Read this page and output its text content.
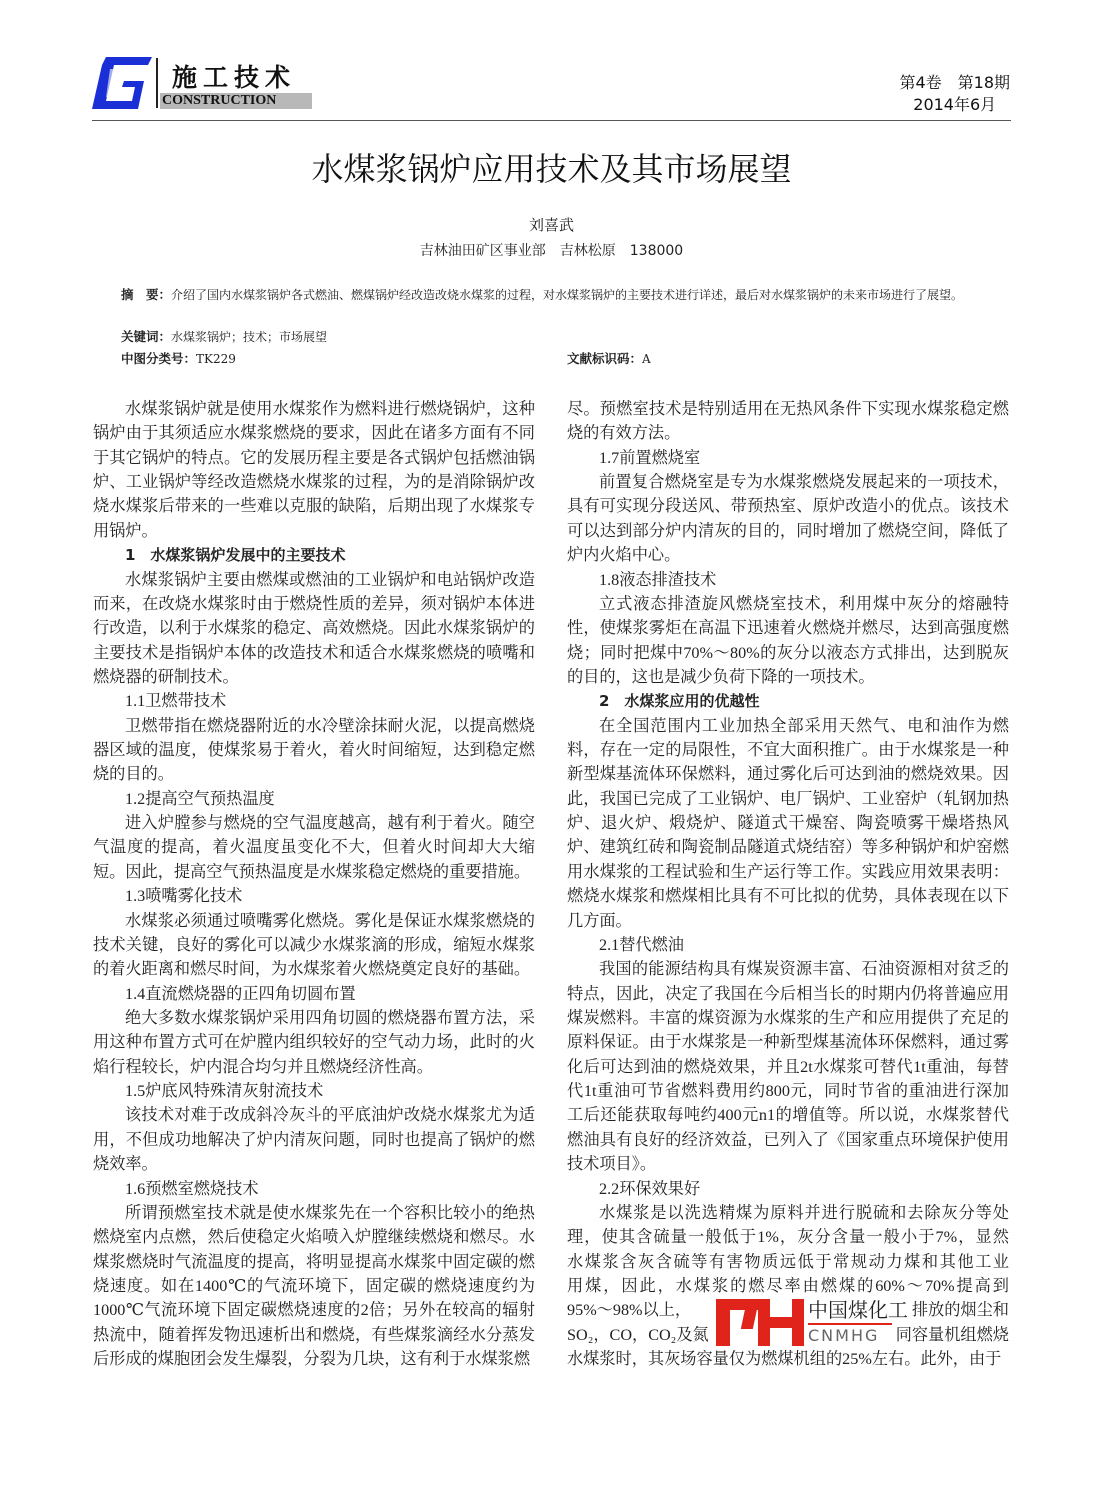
施工技术
CONSTRUCTION
第4卷　第18期
2014年6月
水煤浆锅炉应用技术及其市场展望
刘喜武
吉林油田矿区事业部　吉林松原　138000
摘　要：介绍了国内水煤浆锅炉各式燃油、燃煤锅炉经改造改烧水煤浆的过程，对水煤浆锅炉的主要技术进行详述，最后对水煤浆锅炉的未来市场进行了展望。
关键词：水煤浆锅炉；技术；市场展望
中图分类号：TK229	文献标识码：A
水煤浆锅炉就是使用水煤浆作为燃料进行燃烧锅炉，这种
锅炉由于其须适应水煤浆燃烧的要求，因此在诸多方面有不同
于其它锅炉的特点。它的发展历程主要是各式锅炉包括燃油锅
炉、工业锅炉等经改造燃烧水煤浆的过程，为的是消除锅炉改
烧水煤浆后带来的一些难以克服的缺陷，后期出现了水煤浆专
用锅炉。
1　水煤浆锅炉发展中的主要技术
水煤浆锅炉主要由燃煤或燃油的工业锅炉和电站锅炉改造
而来，在改烧水煤浆时由于燃烧性质的差异，须对锅炉本体进
行改造，以利于水煤浆的稳定、高效燃烧。因此水煤浆锅炉的
主要技术是指锅炉本体的改造技术和适合水煤浆燃烧的喷嘴和
燃烧器的研制技术。
1.1卫燃带技术
卫燃带指在燃烧器附近的水冷壁涂抹耐火泥，以提高燃烧
器区域的温度，使煤浆易于着火，着火时间缩短，达到稳定燃
烧的目的。
1.2提高空气预热温度
进入炉膛参与燃烧的空气温度越高，越有利于着火。随空
气温度的提高，着火温度虽变化不大，但着火时间却大大缩
短。因此，提高空气预热温度是水煤浆稳定燃烧的重要措施。
1.3喷嘴雾化技术
水煤浆必须通过喷嘴雾化燃烧。雾化是保证水煤浆燃烧的
技术关键，良好的雾化可以减少水煤浆滴的形成，缩短水煤浆
的着火距离和燃尽时间，为水煤浆着火燃烧奠定良好的基础。
1.4直流燃烧器的正四角切圆布置
绝大多数水煤浆锅炉采用四角切圆的燃烧器布置方法，采
用这种布置方式可在炉膛内组织较好的空气动力场，此时的火
焰行程较长，炉内混合均匀并且燃烧经济性高。
1.5炉底风特殊清灰射流技术
该技术对难于改成斜冷灰斗的平底油炉改烧水煤浆尤为适
用，不但成功地解决了炉内清灰问题，同时也提高了锅炉的燃
烧效率。
1.6预燃室燃烧技术
所谓预燃室技术就是使水煤浆先在一个容积比较小的绝热
燃烧室内点燃，然后使稳定火焰喷入炉膛继续燃烧和燃尽。水
煤浆燃烧时气流温度的提高，将明显提高水煤浆中固定碳的燃
烧速度。如在1400℃的气流环境下，固定碳的燃烧速度约为
1000℃气流环境下固定碳燃烧速度的2倍；另外在较高的辐射
热流中，随着挥发物迅速析出和燃烧，有些煤浆滴经水分蒸发
后形成的煤胞团会发生爆裂，分裂为几块，这有利于水煤浆燃
尽。预燃室技术是特别适用在无热风条件下实现水煤浆稳定燃
烧的有效方法。
1.7前置燃烧室
前置复合燃烧室是专为水煤浆燃烧发展起来的一项技术，
具有可实现分段送风、带预热室、原炉改造小的优点。该技术
可以达到部分炉内清灰的目的，同时增加了燃烧空间，降低了
炉内火焰中心。
1.8液态排渣技术
立式液态排渣旋风燃烧室技术，利用煤中灰分的熔融特
性，使煤浆雾炬在高温下迅速着火燃烧并燃尽，达到高强度燃
烧；同时把煤中70%～80%的灰分以液态方式排出，达到脱灰
的目的，这也是减少负荷下降的一项技术。
2　水煤浆应用的优越性
在全国范围内工业加热全部采用天然气、电和油作为燃
料，存在一定的局限性，不宜大面积推广。由于水煤浆是一种
新型煤基流体环保燃料，通过雾化后可达到油的燃烧效果。因
此，我国已完成了工业锅炉、电厂锅炉、工业窑炉（轧钢加热
炉、退火炉、煅烧炉、隧道式干燥窑、陶瓷喷雾干燥塔热风
炉、建筑红砖和陶瓷制品隧道式烧结窑）等多种锅炉和炉窑燃
用水煤浆的工程试验和生产运行等工作。实践应用效果表明：
燃烧水煤浆和燃煤相比具有不可比拟的优势，具体表现在以下
几方面。
2.1替代燃油
我国的能源结构具有煤炭资源丰富、石油资源相对贫乏的
特点，因此，决定了我国在今后相当长的时期内仍将普遍应用
煤炭燃料。丰富的煤资源为水煤浆的生产和应用提供了充足的
原料保证。由于水煤浆是一种新型煤基流体环保燃料，通过雾
化后可达到油的燃烧效果，并且2t水煤浆可替代1t重油，每替
代1t重油可节省燃料费用约800元，同时节省的重油进行深加
工后还能获取每吨约400元n1的增值等。所以说，水煤浆替代
燃油具有良好的经济效益，已列入了《国家重点环境保护使用
技术项目》。
2.2环保效果好
水煤浆是以洗选精煤为原料并进行脱硫和去除灰分等处
理，使其含硫量一般低于1%，灰分含量一般小于7%，显然
水煤浆含灰含硫等有害物质远低于常规动力煤和其他工业
用煤，因此，水煤浆的燃尽率由燃煤的60%～70%提高到
95%～98%以上，
　　　　　　　　　	排放的烟尘和
SO₂，CO，CO₂及氮
　　　　　　　　　	同容量机组燃烧
水煤浆时，其灰场容量仅为燃煤机组的25%左右。此外，由于
中国煤化工
CNMHG
